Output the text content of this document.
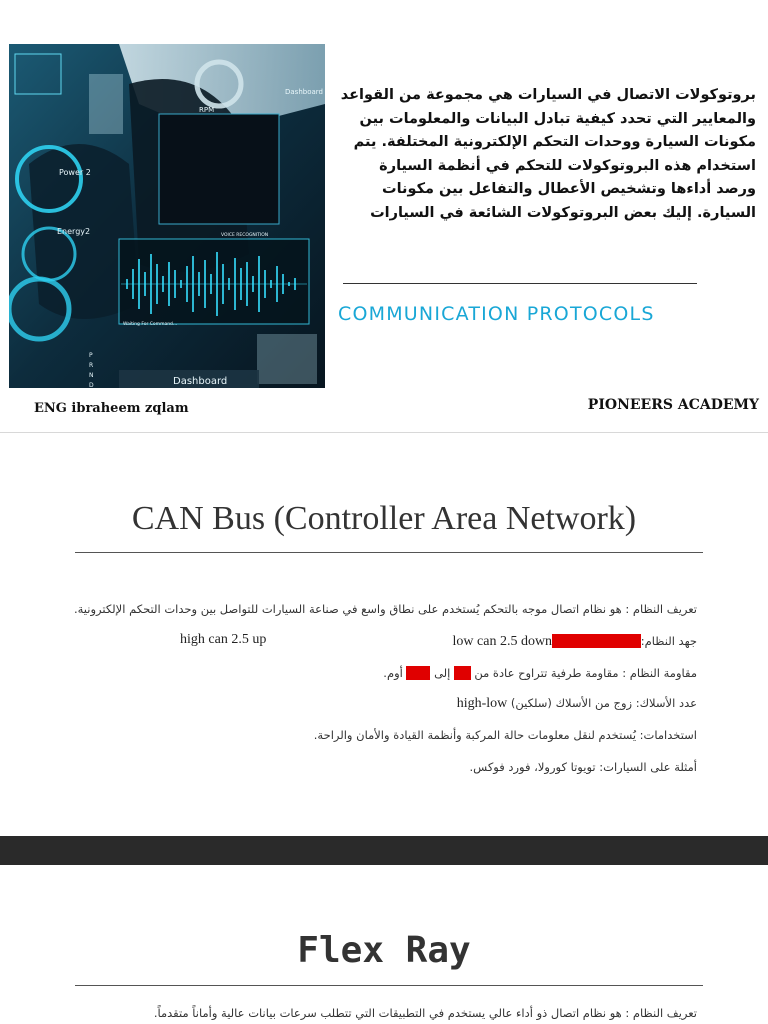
RPM
Dashboard
Power 2
Energy2	VOICE RECOGNITION
Waiting For Command...
Dashboard
P
R
N
D
بروتوكولات الاتصال في السيارات هي مجموعة من القواعد والمعايير التي تحدد كيفية تبادل البيانات والمعلومات بين مكونات السيارة ووحدات التحكم الإلكترونية المختلفة. يتم استخدام هذه البروتوكولات للتحكم في أنظمة السيارة ورصد أداءها وتشخيص الأعطال والتفاعل بين مكونات السيارة. إليك بعض البروتوكولات الشائعة في السيارات
COMMUNICATION PROTOCOLS
ENG ibraheem zqlam	PIONEERS ACADEMY
CAN Bus (Controller Area Network)
تعريف النظام : هو نظام اتصال موجه بالتحكم يُستخدم على نطاق واسع في صناعة السيارات للتواصل بين وحدات التحكم الإلكترونية.
جهد النظام:من 2 إلى 3 فولتlow can 2.5 down
high can 2.5 up
مقاومة النظام : مقاومة طرفية تتراوح عادة من 60 إلى 120 أوم.
عدد الأسلاك: زوج من الأسلاك (سلكين) high-low
استخدامات: يُستخدم لنقل معلومات حالة المركبة وأنظمة القيادة والأمان والراحة.
أمثلة على السيارات: تويوتا كورولا، فورد فوكس.
Flex Ray
تعريف النظام : هو نظام اتصال ذو أداء عالي يستخدم في التطبيقات التي تتطلب سرعات بيانات عالية وأماناً متقدماً.
